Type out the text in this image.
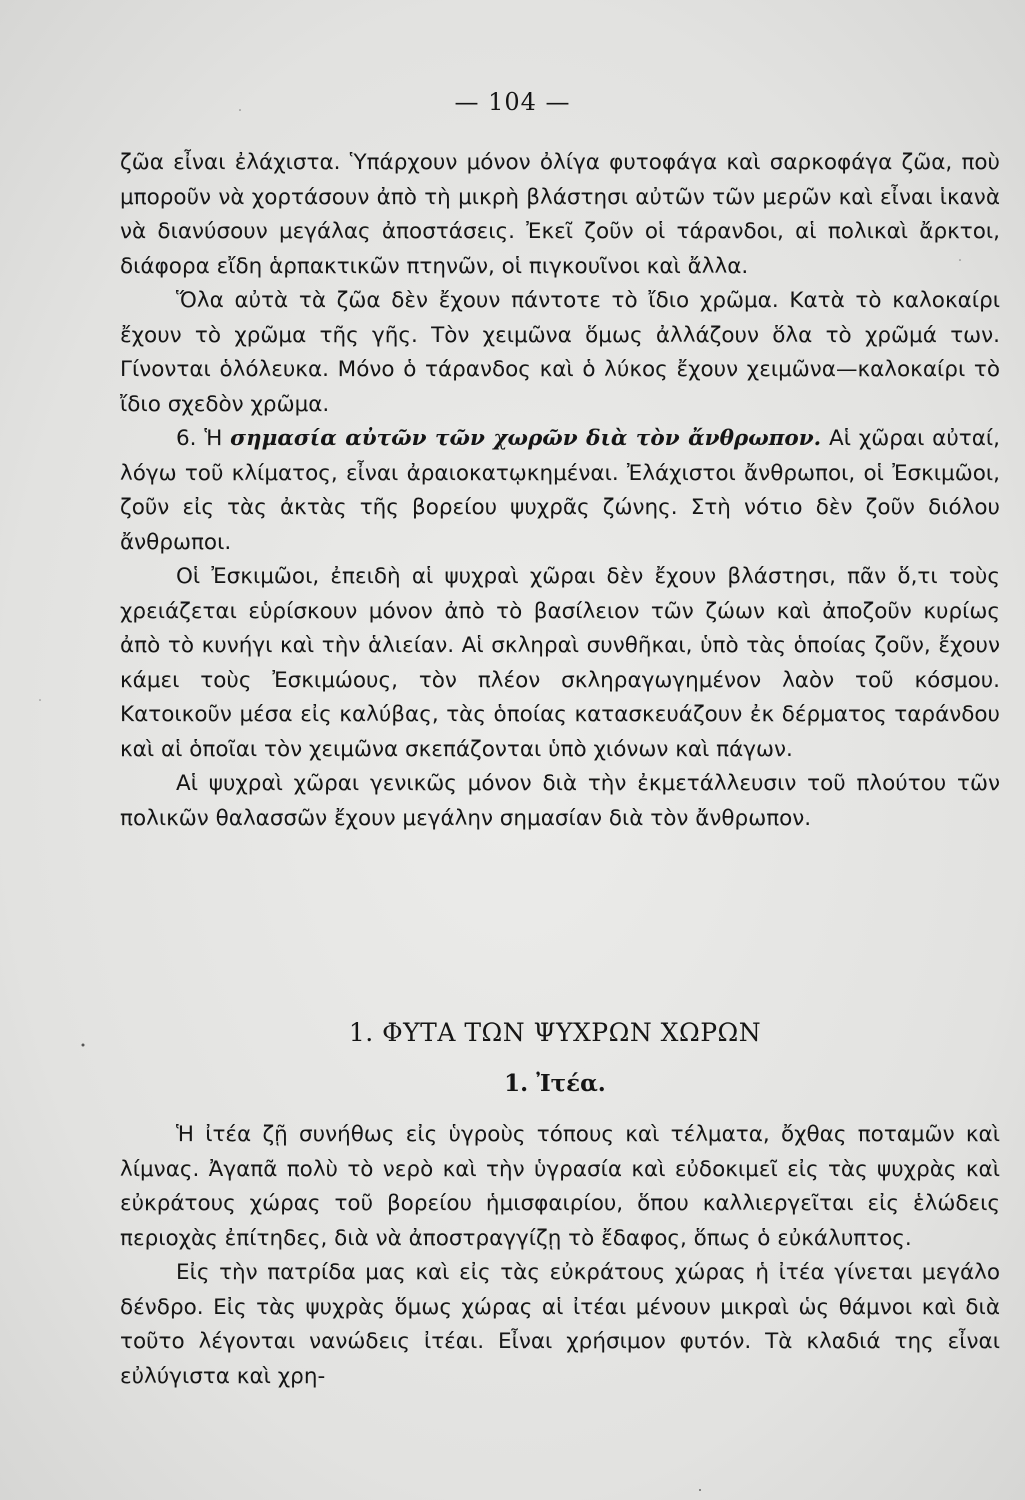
— 104 —

ζῶα εἶναι ἐλάχιστα. Ὑπάρχουν μόνον ὀλίγα φυτοφάγα καὶ σαρκοφάγα ζῶα, ποὺ μποροῦν νὰ χορτάσουν ἀπὸ τὴ μικρὴ βλάστησι αὐτῶν τῶν μερῶν καὶ εἶναι ἱκανὰ νὰ διανύσουν μεγάλας ἀποστάσεις. Ἐκεῖ ζοῦν οἱ τάρανδοι, αἱ πολικαὶ ἄρκτοι, διάφορα εἴδη ἁρπακτικῶν πτηνῶν, οἱ πιγκουῖνοι καὶ ἄλλα.

Ὅλα αὐτὰ τὰ ζῶα δὲν ἔχουν πάντοτε τὸ ἴδιο χρῶμα. Κατὰ τὸ καλοκαίρι ἔχουν τὸ χρῶμα τῆς γῆς. Τὸν χειμῶνα ὅμως ἀλλάζουν ὅλα τὸ χρῶμά των. Γίνονται ὁλόλευκα. Μόνο ὁ τάρανδος καὶ ὁ λύκος ἔχουν χειμῶνα—καλοκαίρι τὸ ἴδιο σχεδὸν χρῶμα.

6. Ἡ σημασία αὐτῶν τῶν χωρῶν διὰ τὸν ἄνθρωπον. Αἱ χῶραι αὐταί, λόγω τοῦ κλίματος, εἶναι ἀραιοκατῳκημέναι. Ἐλάχιστοι ἄνθρωποι, οἱ Ἐσκιμῶοι, ζοῦν εἰς τὰς ἀκτὰς τῆς βορείου ψυχρᾶς ζώνης. Στὴ νότιο δὲν ζοῦν διόλου ἄνθρωποι.

Οἱ Ἐσκιμῶοι, ἐπειδὴ αἱ ψυχραὶ χῶραι δὲν ἔχουν βλάστησι, πᾶν ὅ,τι τοὺς χρειάζεται εὑρίσκουν μόνον ἀπὸ τὸ βασίλειον τῶν ζώων καὶ ἀποζοῦν κυρίως ἀπὸ τὸ κυνήγι καὶ τὴν ἁλιείαν. Αἱ σκληραὶ συνθῆκαι, ὑπὸ τὰς ὁποίας ζοῦν, ἔχουν κάμει τοὺς Ἐσκιμώους, τὸν πλέον σκληραγωγημένον λαὸν τοῦ κόσμου. Κατοικοῦν μέσα εἰς καλύβας, τὰς ὁποίας κατασκευάζουν ἐκ δέρματος ταράνδου καὶ αἱ ὁποῖαι τὸν χειμῶνα σκεπάζονται ὑπὸ χιόνων καὶ πάγων.

Αἱ ψυχραὶ χῶραι γενικῶς μόνον διὰ τὴν ἐκμετάλλευσιν τοῦ πλούτου τῶν πολικῶν θαλασσῶν ἔχουν μεγάλην σημασίαν διὰ τὸν ἄνθρωπον.

1. ΦΥΤΑ ΤΩΝ ΨΥΧΡΩΝ ΧΩΡΩΝ
1. Ἰτέα.

Ἡ ἰτέα ζῇ συνήθως εἰς ὑγροὺς τόπους καὶ τέλματα, ὄχθας ποταμῶν καὶ λίμνας. Ἀγαπᾶ πολὺ τὸ νερὸ καὶ τὴν ὑγρασία καὶ εὐδοκιμεῖ εἰς τὰς ψυχρὰς καὶ εὐκράτους χώρας τοῦ βορείου ἡμισφαιρίου, ὅπου καλλιεργεῖται εἰς ἑλώδεις περιοχὰς ἐπίτηδες, διὰ νὰ ἀποστραγγίζῃ τὸ ἔδαφος, ὅπως ὁ εὐκάλυπτος.

Εἰς τὴν πατρίδα μας καὶ εἰς τὰς εὐκράτους χώρας ἡ ἰτέα γίνεται μεγάλο δένδρο. Εἰς τὰς ψυχρὰς ὅμως χώρας αἱ ἰτέαι μένουν μικραὶ ὡς θάμνοι καὶ διὰ τοῦτο λέγονται νανώδεις ἰτέαι. Εἶναι χρήσιμον φυτόν. Τὰ κλαδιά της εἶναι εὐλύγιστα καὶ χρη-
